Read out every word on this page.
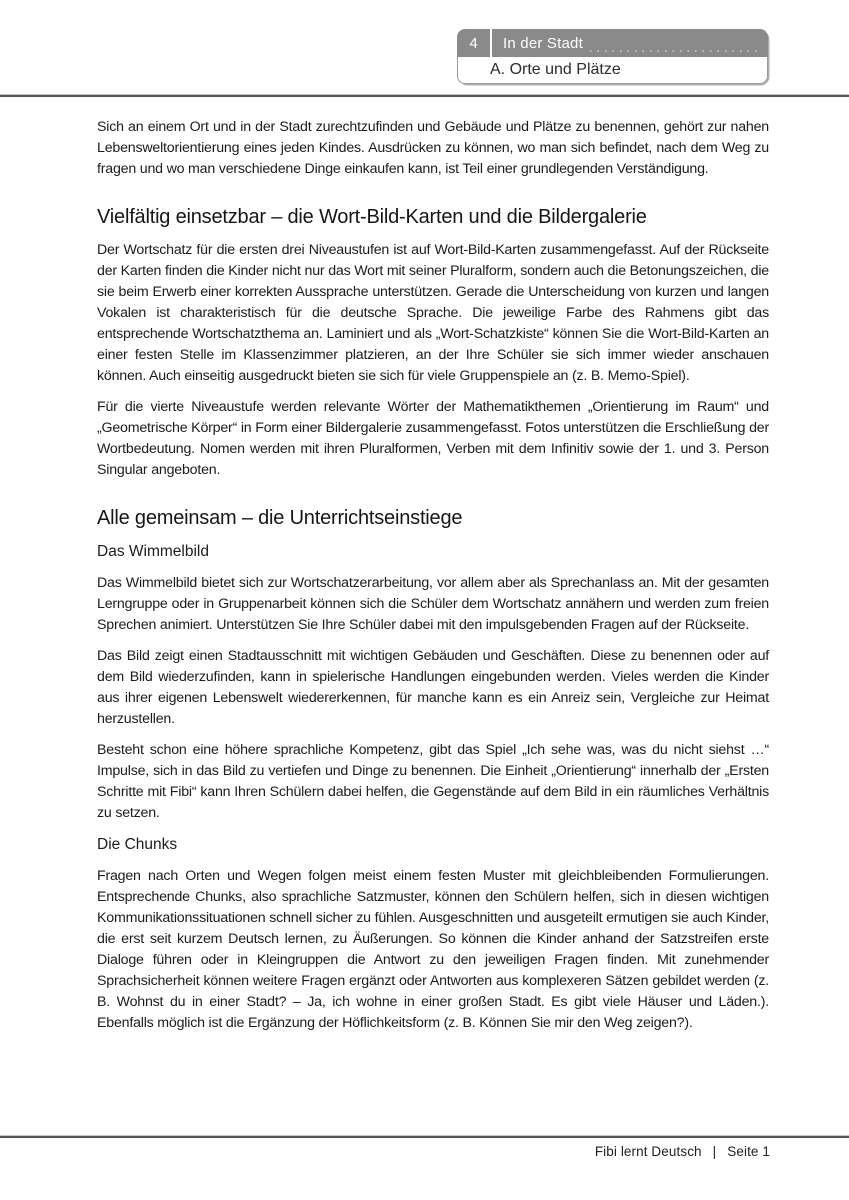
4	In der Stadt
A. Orte und Plätze

Sich an einem Ort und in der Stadt zurechtzufinden und Gebäude und Plätze zu benennen, gehört zur nahen Lebensweltorientierung eines jeden Kindes. Ausdrücken zu können, wo man sich befindet, nach dem Weg zu fragen und wo man verschiedene Dinge einkaufen kann, ist Teil einer grundlegenden Verständigung.

Vielfältig einsetzbar – die Wort-Bild-Karten und die Bildergalerie

Der Wortschatz für die ersten drei Niveaustufen ist auf Wort-Bild-Karten zusammengefasst. Auf der Rückseite der Karten finden die Kinder nicht nur das Wort mit seiner Pluralform, sondern auch die Betonungszeichen, die sie beim Erwerb einer korrekten Aussprache unterstützen. Gerade die Unterscheidung von kurzen und langen Vokalen ist charakteristisch für die deutsche Sprache. Die jeweilige Farbe des Rahmens gibt das entsprechende Wortschatzthema an. Laminiert und als „Wort-Schatzkiste“ können Sie die Wort-Bild-Karten an einer festen Stelle im Klassenzimmer platzieren, an der Ihre Schüler sie sich immer wieder anschauen können. Auch einseitig ausgedruckt bieten sie sich für viele Gruppenspiele an (z. B. Memo-Spiel).

Für die vierte Niveaustufe werden relevante Wörter der Mathematikthemen „Orientierung im Raum“ und „Geometrische Körper“ in Form einer Bildergalerie zusammengefasst. Fotos unterstützen die Erschließung der Wortbedeutung. Nomen werden mit ihren Pluralformen, Verben mit dem Infinitiv sowie der 1. und 3. Person Singular angeboten.

Alle gemeinsam – die Unterrichtseinstiege
Das Wimmelbild

Das Wimmelbild bietet sich zur Wortschatzerarbeitung, vor allem aber als Sprechanlass an. Mit der gesamten Lerngruppe oder in Gruppenarbeit können sich die Schüler dem Wortschatz annähern und werden zum freien Sprechen animiert. Unterstützen Sie Ihre Schüler dabei mit den impulsgebenden Fragen auf der Rückseite.

Das Bild zeigt einen Stadtausschnitt mit wichtigen Gebäuden und Geschäften. Diese zu benennen oder auf dem Bild wiederzufinden, kann in spielerische Handlungen eingebunden werden. Vieles werden die Kinder aus ihrer eigenen Lebenswelt wiedererkennen, für manche kann es ein Anreiz sein, Vergleiche zur Heimat herzustellen.

Besteht schon eine höhere sprachliche Kompetenz, gibt das Spiel „Ich sehe was, was du nicht siehst …“ Impulse, sich in das Bild zu vertiefen und Dinge zu benennen. Die Einheit „Orientierung“ innerhalb der „Ersten Schritte mit Fibi“ kann Ihren Schülern dabei helfen, die Gegenstände auf dem Bild in ein räumliches Verhältnis zu setzen.

Die Chunks

Fragen nach Orten und Wegen folgen meist einem festen Muster mit gleichbleibenden Formulierungen. Entsprechende Chunks, also sprachliche Satzmuster, können den Schülern helfen, sich in diesen wichtigen Kommunikationssituationen schnell sicher zu fühlen. Ausgeschnitten und ausgeteilt ermutigen sie auch Kinder, die erst seit kurzem Deutsch lernen, zu Äußerungen. So können die Kinder anhand der Satzstreifen erste Dialoge führen oder in Kleingruppen die Antwort zu den jeweiligen Fragen finden. Mit zunehmender Sprachsicherheit können weitere Fragen ergänzt oder Antworten aus komplexeren Sätzen gebildet werden (z. B. Wohnst du in einer Stadt? – Ja, ich wohne in einer großen Stadt. Es gibt viele Häuser und Läden.). Ebenfalls möglich ist die Ergänzung der Höflichkeitsform (z. B. Können Sie mir den Weg zeigen?).

Fibi lernt Deutsch | Seite 1
